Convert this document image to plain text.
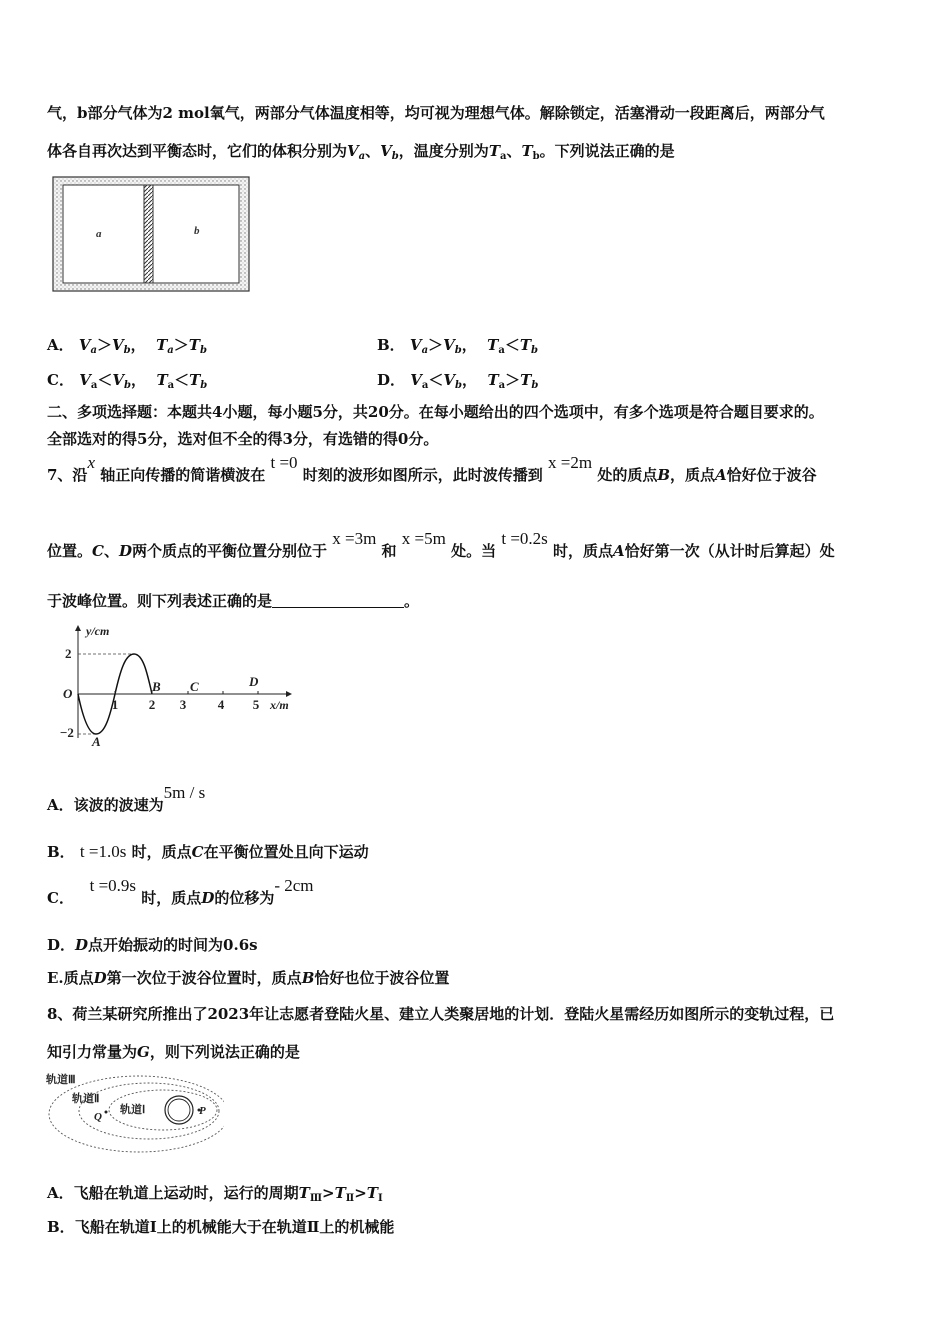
气，b部分气体为2 mol氧气，两部分气体温度相等，均可视为理想气体。解除锁定，活塞滑动一段距离后，两部分气
体各自再次达到平衡态时，它们的体积分别为$V_a$、$V_b$，温度分别为$T_a$、$T_b$。下列说法正确的是
a	b
A． $V_a>V_b$， $T_a>T_b$	B． $V_a>V_b$， $T_a<T_b$
C． $V_a<V_b$， $T_a<T_b$	D． $V_a<V_b$， $T_a>T_b$
二、多项选择题：本题共4小题，每小题5分，共20分。在每小题给出的四个选项中，有多个选项是符合题目要求的。
全部选对的得5分，选对但不全的得3分，有选错的得0分。
7、沿x 轴正向传播的简谐横波在 t =0 时刻的波形如图所示，此时波传播到 x =2m 处的质点B，质点A恰好位于波谷
位置。C、D两个质点的平衡位置分别位于 x =3m 和 x =5m 处。当 t =0.2s 时，质点A恰好第一次（从计时后算起）处
于波峰位置。则下列表述正确的是	。
y/cm
x/m
O
2
−2
1 2 3 4 5
A
B C	D
A．该波的波速为5m / s
B． t =1.0s 时，质点C在平衡位置处且向下运动
C．   t =0.9s 时，质点D的位移为- 2cm
D．D点开始振动的时间为0.6s
E.质点D第一次位于波谷位置时，质点B恰好也位于波谷位置
8、荷兰某研究所推出了2023年让志愿者登陆火星、建立人类聚居地的计划．登陆火星需经历如图所示的变轨过程，已
知引力常量为G，则下列说法正确的是
轨道Ⅲ
轨道Ⅱ
轨道Ⅰ
Q	P
A．飞船在轨道上运动时，运行的周期$T_Ⅲ>T_Ⅱ>T_Ⅰ$
B．飞船在轨道Ⅰ上的机械能大于在轨道Ⅱ上的机械能
